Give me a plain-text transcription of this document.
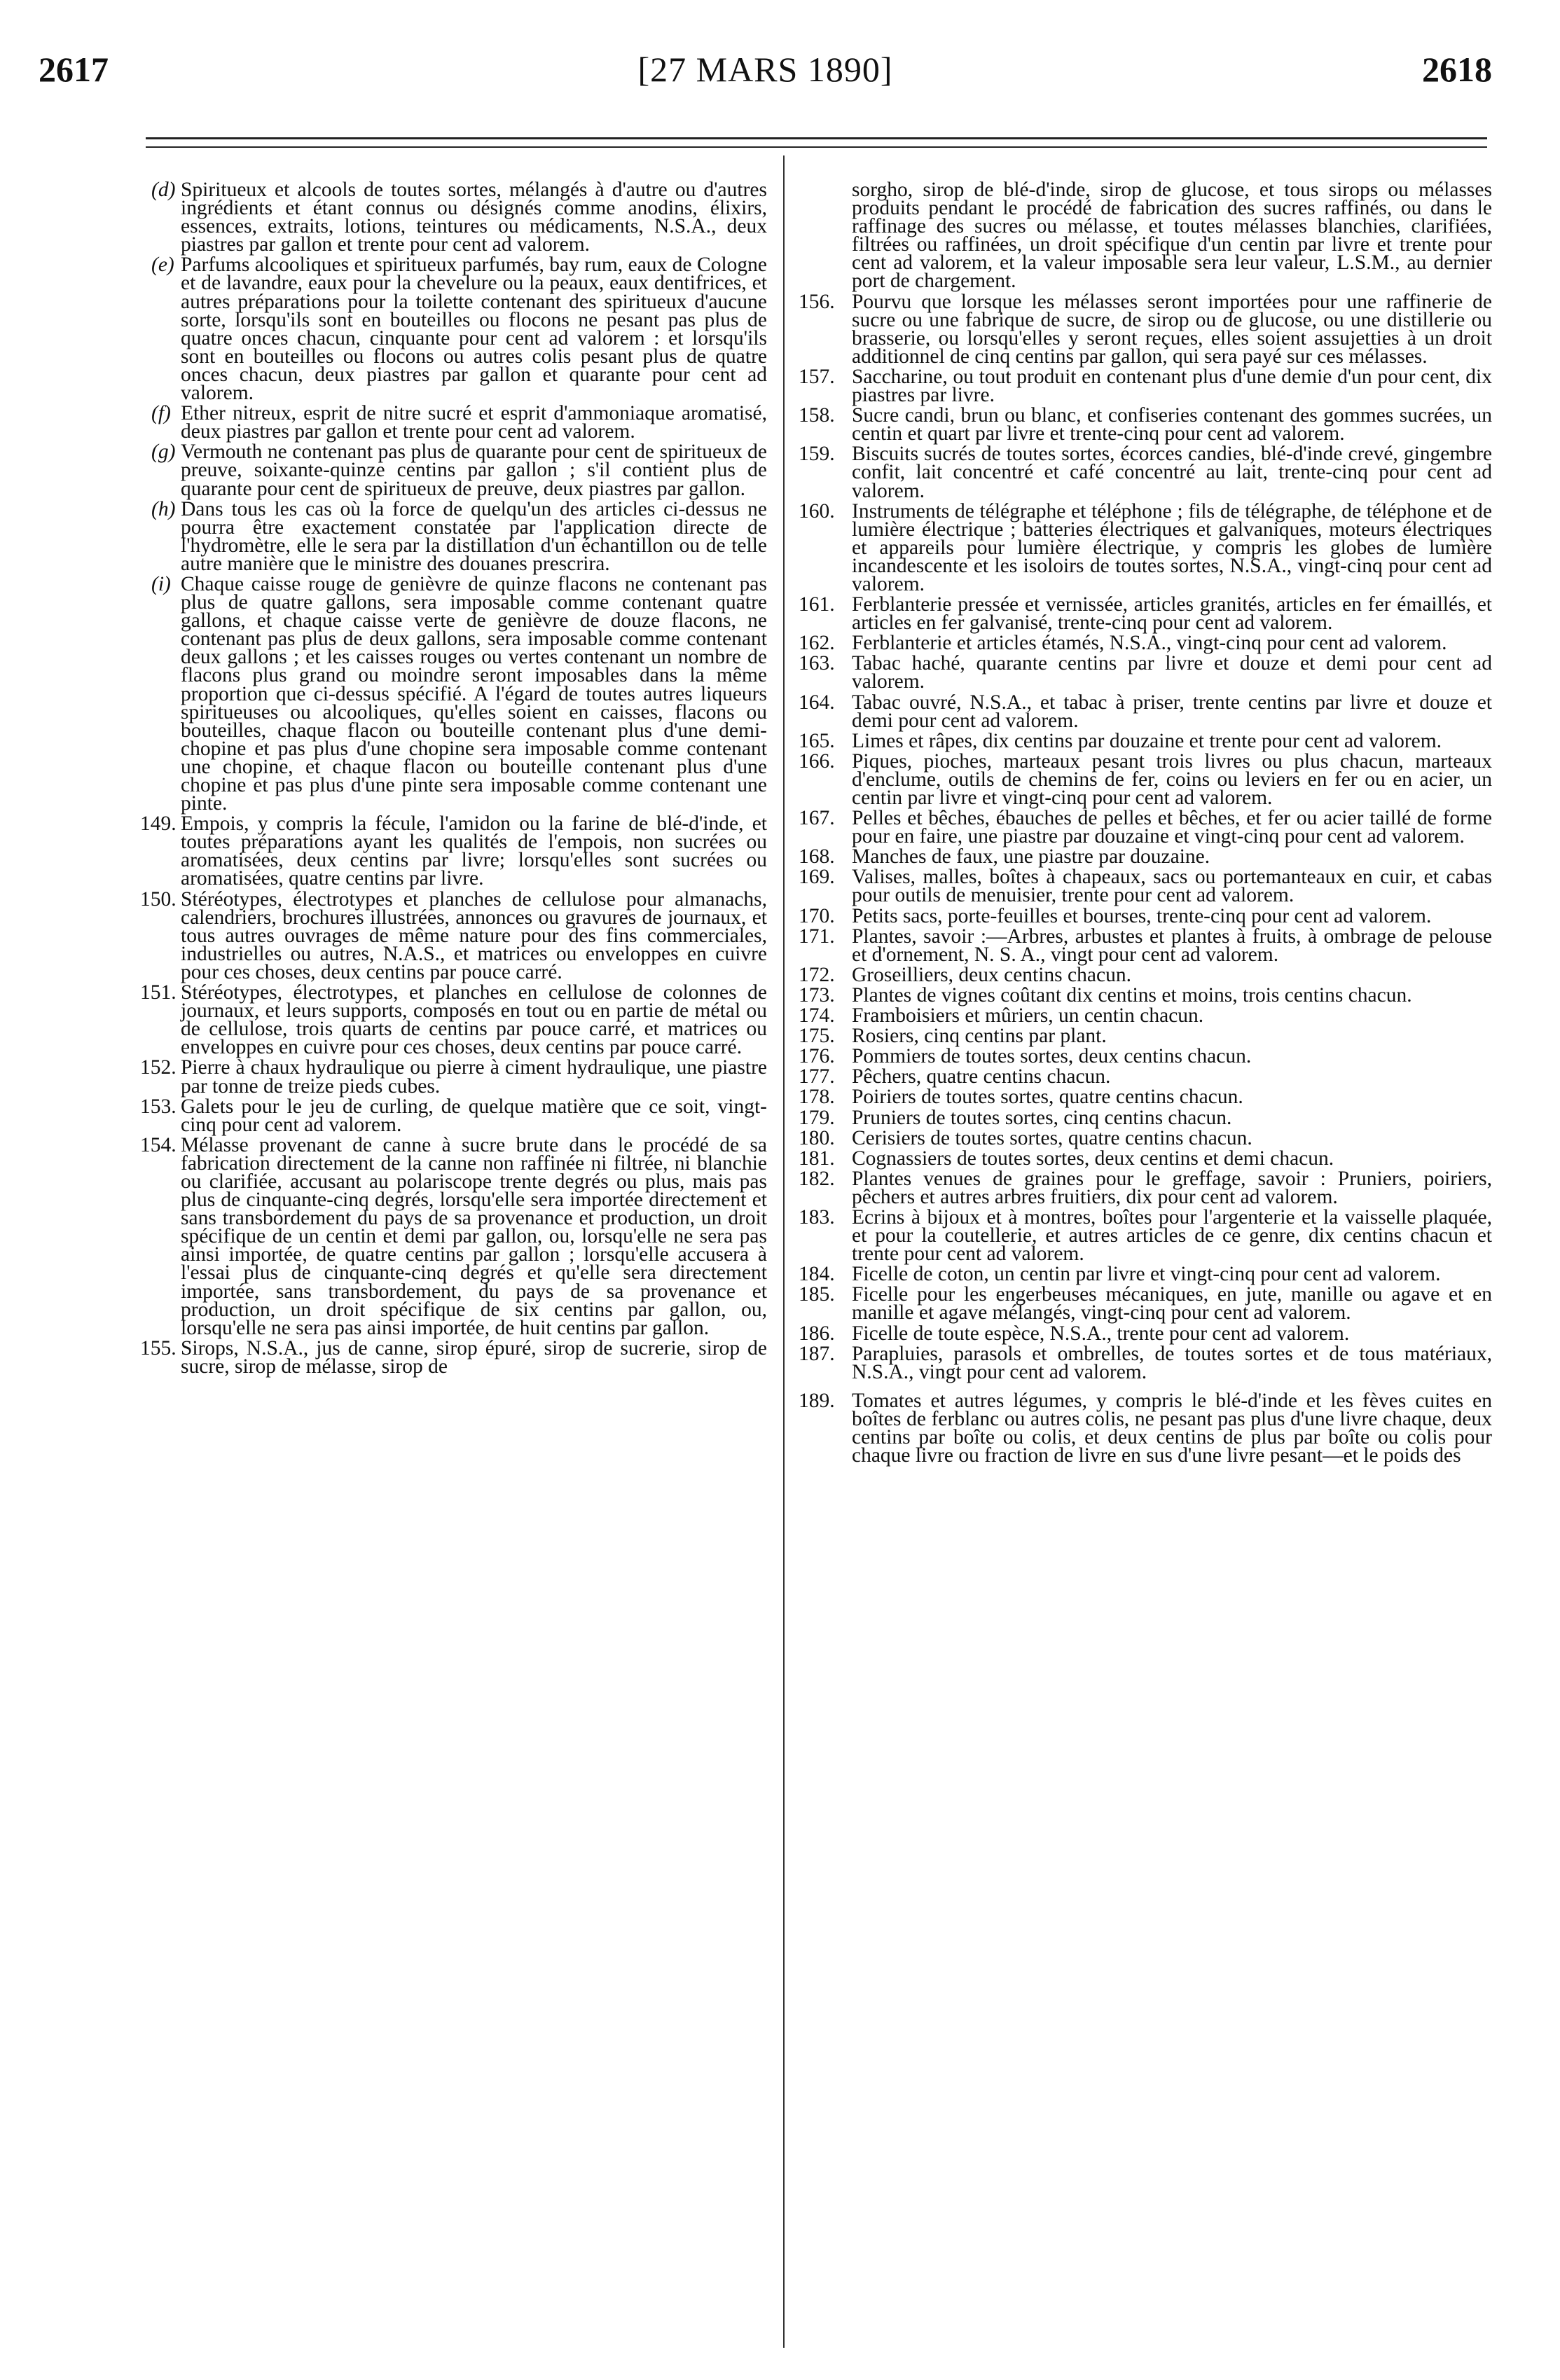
2617	[27 MARS 1890]	2618
(d) Spiritueux et alcools de toutes sortes, mélangés à d'autre ou d'autres ingrédients et étant connus ou désignés comme anodins, élixirs, essences, extraits, lotions, teintures ou médicaments, N.S.A., deux piastres par gallon et trente pour cent ad valorem.
(e) Parfums alcooliques et spiritueux parfumés, bay rum, eaux de Cologne et de lavandre, eaux pour la chevelure ou la peaux, eaux dentifrices, et autres préparations pour la toilette contenant des spiritueux d'aucune sorte, lorsqu'ils sont en bouteilles ou flocons ne pesant pas plus de quatre onces chacun, cinquante pour cent ad valorem : et lorsqu'ils sont en bouteilles ou flocons ou autres colis pesant plus de quatre onces chacun, deux piastres par gallon et quarante pour cent ad valorem.
(f) Ether nitreux, esprit de nitre sucré et esprit d'ammoniaque aromatisé, deux piastres par gallon et trente pour cent ad valorem.
(g) Vermouth ne contenant pas plus de quarante pour cent de spiritueux de preuve, soixante-quinze centins par gallon ; s'il contient plus de quarante pour cent de spiritueux de preuve, deux piastres par gallon.
(h) Dans tous les cas où la force de quelqu'un des articles ci-dessus ne pourra être exactement constatée par l'application directe de l'hydromètre, elle le sera par la distillation d'un échantillon ou de telle autre manière que le ministre des douanes prescrira.
(i) Chaque caisse rouge de genièvre de quinze flacons ne contenant pas plus de quatre gallons, sera imposable comme contenant quatre gallons, et chaque caisse verte de genièvre de douze flacons, ne contenant pas plus de deux gallons, sera imposable comme contenant deux gallons ; et les caisses rouges ou vertes contenant un nombre de flacons plus grand ou moindre seront imposables dans la même proportion que ci-dessus spécifié. A l'égard de toutes autres liqueurs spiritueuses ou alcooliques, qu'elles soient en caisses, flacons ou bouteilles, chaque flacon ou bouteille contenant plus d'une demi-chopine et pas plus d'une chopine sera imposable comme contenant une chopine, et chaque flacon ou bouteille contenant plus d'une chopine et pas plus d'une pinte sera imposable comme contenant une pinte.
149. Empois, y compris la fécule, l'amidon ou la farine de blé-d'inde, et toutes préparations ayant les qualités de l'empois, non sucrées ou aromatisées, deux centins par livre; lorsqu'elles sont sucrées ou aromatisées, quatre centins par livre.
150. Stéréotypes, électrotypes et planches de cellulose pour almanachs, calendriers, brochures illustrées, annonces ou gravures de journaux, et tous autres ouvrages de même nature pour des fins commerciales, industrielles ou autres, N.A.S., et matrices ou enveloppes en cuivre pour ces choses, deux centins par pouce carré.
151. Stéréotypes, électrotypes, et planches en cellulose de colonnes de journaux, et leurs supports, composés en tout ou en partie de métal ou de cellulose, trois quarts de centins par pouce carré, et matrices ou enveloppes en cuivre pour ces choses, deux centins par pouce carré.
152. Pierre à chaux hydraulique ou pierre à ciment hydraulique, une piastre par tonne de treize pieds cubes.
153. Galets pour le jeu de curling, de quelque matière que ce soit, vingt-cinq pour cent ad valorem.
154. Mélasse provenant de canne à sucre brute dans le procédé de sa fabrication directement de la canne non raffinée ni filtrée, ni blanchie ou clarifiée, accusant au polariscope trente degrés ou plus, mais pas plus de cinquante-cinq degrés, lorsqu'elle sera importée directement et sans transbordement du pays de sa provenance et production, un droit spécifique de un centin et demi par gallon, ou, lorsqu'elle ne sera pas ainsi importée, de quatre centins par gallon ; lorsqu'elle accusera à l'essai plus de cinquante-cinq degrés et qu'elle sera directement importée, sans transbordement, du pays de sa provenance et production, un droit spécifique de six centins par gallon, ou, lorsqu'elle ne sera pas ainsi importée, de huit centins par gallon.
155. Sirops, N.S.A., jus de canne, sirop épuré, sirop de sucrerie, sirop de sucre, sirop de mélasse, sirop de
sorgho, sirop de blé-d'inde, sirop de glucose, et tous sirops ou mélasses produits pendant le procédé de fabrication des sucres raffinés, ou dans le raffinage des sucres ou mélasse, et toutes mélasses blanchies, clarifiées, filtrées ou raffinées, un droit spécifique d'un centin par livre et trente pour cent ad valorem, et la valeur imposable sera leur valeur, L.S.M., au dernier port de chargement.
156. Pourvu que lorsque les mélasses seront importées pour une raffinerie de sucre ou une fabrique de sucre, de sirop ou de glucose, ou une distillerie ou brasserie, ou lorsqu'elles y seront reçues, elles soient assujetties à un droit additionnel de cinq centins par gallon, qui sera payé sur ces mélasses.
157. Saccharine, ou tout produit en contenant plus d'une demie d'un pour cent, dix piastres par livre.
158. Sucre candi, brun ou blanc, et confiseries contenant des gommes sucrées, un centin et quart par livre et trente-cinq pour cent ad valorem.
159. Biscuits sucrés de toutes sortes, écorces candies, blé-d'inde crevé, gingembre confit, lait concentré et café concentré au lait, trente-cinq pour cent ad valorem.
160. Instruments de télégraphe et téléphone ; fils de télégraphe, de téléphone et de lumière électrique ; batteries électriques et galvaniques, moteurs électriques et appareils pour lumière électrique, y compris les globes de lumière incandescente et les isoloirs de toutes sortes, N.S.A., vingt-cinq pour cent ad valorem.
161. Ferblanterie pressée et vernissée, articles granités, articles en fer émaillés, et articles en fer galvanisé, trente-cinq pour cent ad valorem.
162. Ferblanterie et articles étamés, N.S.A., vingt-cinq pour cent ad valorem.
163. Tabac haché, quarante centins par livre et douze et demi pour cent ad valorem.
164. Tabac ouvré, N.S.A., et tabac à priser, trente centins par livre et douze et demi pour cent ad valorem.
165. Limes et râpes, dix centins par douzaine et trente pour cent ad valorem.
166. Piques, pioches, marteaux pesant trois livres ou plus chacun, marteaux d'enclume, outils de chemins de fer, coins ou leviers en fer ou en acier, un centin par livre et vingt-cinq pour cent ad valorem.
167. Pelles et bêches, ébauches de pelles et bêches, et fer ou acier taillé de forme pour en faire, une piastre par douzaine et vingt-cinq pour cent ad valorem.
168. Manches de faux, une piastre par douzaine.
169. Valises, malles, boîtes à chapeaux, sacs ou portemanteaux en cuir, et cabas pour outils de menuisier, trente pour cent ad valorem.
170. Petits sacs, porte-feuilles et bourses, trente-cinq pour cent ad valorem.
171. Plantes, savoir :—Arbres, arbustes et plantes à fruits, à ombrage de pelouse et d'ornement, N. S. A., vingt pour cent ad valorem.
172. Groseilliers, deux centins chacun.
173. Plantes de vignes coûtant dix centins et moins, trois centins chacun.
174. Framboisiers et mûriers, un centin chacun.
175. Rosiers, cinq centins par plant.
176. Pommiers de toutes sortes, deux centins chacun.
177. Pêchers, quatre centins chacun.
178. Poiriers de toutes sortes, quatre centins chacun.
179. Pruniers de toutes sortes, cinq centins chacun.
180. Cerisiers de toutes sortes, quatre centins chacun.
181. Cognassiers de toutes sortes, deux centins et demi chacun.
182. Plantes venues de graines pour le greffage, savoir : Pruniers, poiriers, pêchers et autres arbres fruitiers, dix pour cent ad valorem.
183. Ecrins à bijoux et à montres, boîtes pour l'argenterie et la vaisselle plaquée, et pour la coutellerie, et autres articles de ce genre, dix centins chacun et trente pour cent ad valorem.
184. Ficelle de coton, un centin par livre et vingt-cinq pour cent ad valorem.
185. Ficelle pour les engerbeuses mécaniques, en jute, manille ou agave et en manille et agave mélangés, vingt-cinq pour cent ad valorem.
186. Ficelle de toute espèce, N.S.A., trente pour cent ad valorem.
187. Parapluies, parasols et ombrelles, de toutes sortes et de tous matériaux, N.S.A., vingt pour cent ad valorem.
189. Tomates et autres légumes, y compris le blé-d'inde et les fèves cuites en boîtes de ferblanc ou autres colis, ne pesant pas plus d'une livre chaque, deux centins par boîte ou colis, et deux centins de plus par boîte ou colis pour chaque livre ou fraction de livre en sus d'une livre pesant—et le poids des
